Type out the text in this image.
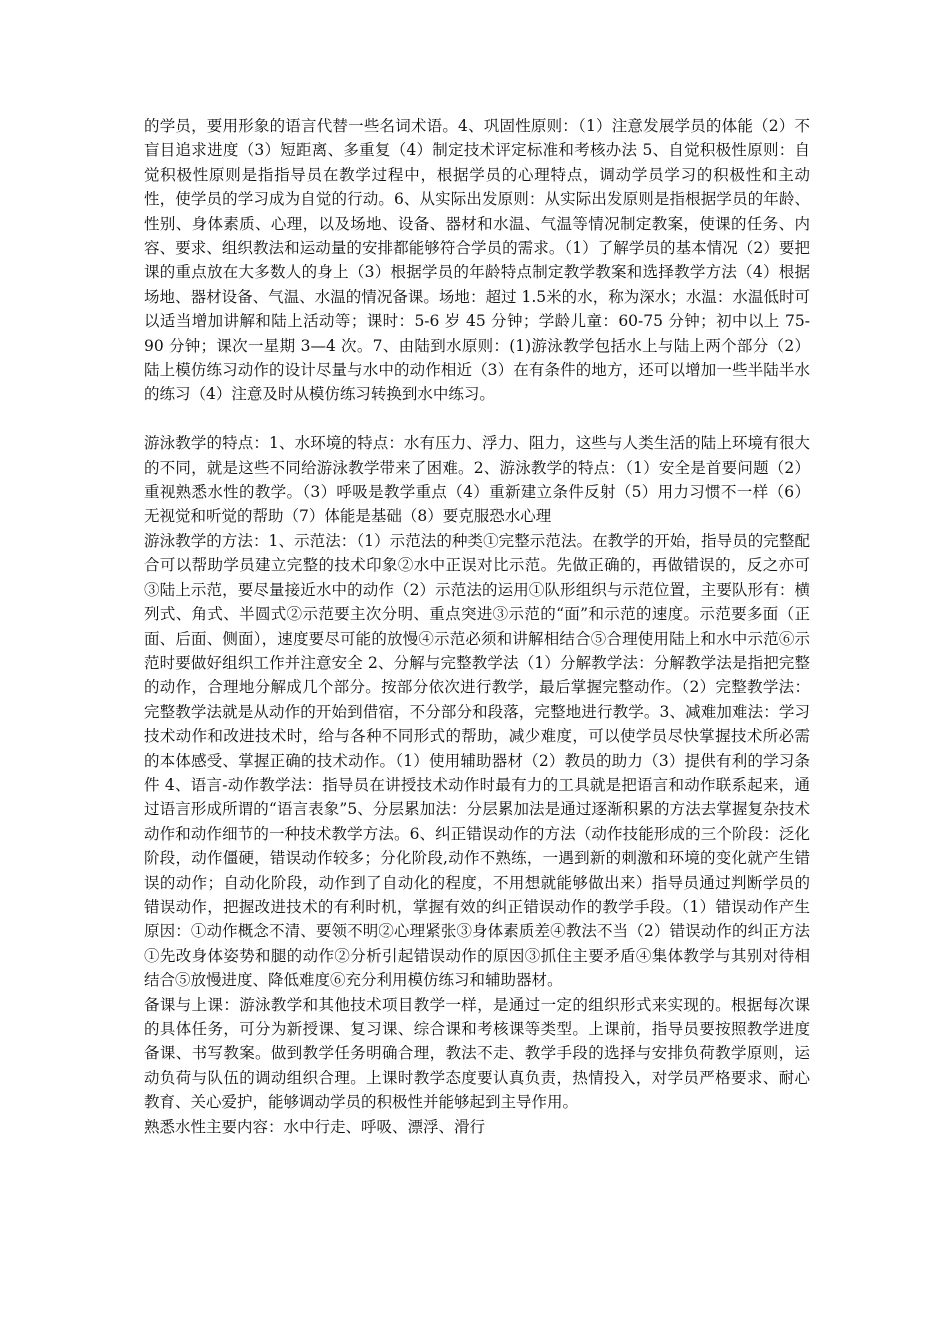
的学员，要用形象的语言代替一些名词术语。4、巩固性原则：（1）注意发展学员的体能（2）不盲目追求进度（3）短距离、多重复（4）制定技术评定标准和考核办法 5、自觉积极性原则：自觉积极性原则是指指导员在教学过程中，根据学员的心理特点，调动学员学习的积极性和主动性，使学员的学习成为自觉的行动。6、从实际出发原则：从实际出发原则是指根据学员的年龄、性别、身体素质、心理，以及场地、设备、器材和水温、气温等情况制定教案，使课的任务、内容、要求、组织教法和运动量的安排都能够符合学员的需求。（1）了解学员的基本情况（2）要把课的重点放在大多数人的身上（3）根据学员的年龄特点制定教学教案和选择教学方法（4）根据场地、器材设备、气温、水温的情况备课。场地：超过 1.5米的水，称为深水；水温：水温低时可以适当增加讲解和陆上活动等；课时：5-6 岁 45 分钟；学龄儿童：60-75 分钟；初中以上 75-90 分钟；课次一星期 3—4 次。7、由陆到水原则：(1)游泳教学包括水上与陆上两个部分（2）陆上模仿练习动作的设计尽量与水中的动作相近（3）在有条件的地方，还可以增加一些半陆半水的练习（4）注意及时从模仿练习转换到水中练习。

游泳教学的特点：1、水环境的特点：水有压力、浮力、阻力，这些与人类生活的陆上环境有很大的不同，就是这些不同给游泳教学带来了困难。2、游泳教学的特点：（1）安全是首要问题（2）重视熟悉水性的教学。（3）呼吸是教学重点（4）重新建立条件反射（5）用力习惯不一样（6）无视觉和听觉的帮助（7）体能是基础（8）要克服恐水心理

游泳教学的方法：1、示范法：（1）示范法的种类①完整示范法。在教学的开始，指导员的完整配合可以帮助学员建立完整的技术印象②水中正误对比示范。先做正确的，再做错误的，反之亦可③陆上示范，要尽量接近水中的动作（2）示范法的运用①队形组织与示范位置，主要队形有：横列式、角式、半圆式②示范要主次分明、重点突进③示范的“面”和示范的速度。示范要多面（正面、后面、侧面），速度要尽可能的放慢④示范必须和讲解相结合⑤合理使用陆上和水中示范⑥示范时要做好组织工作并注意安全 2、分解与完整教学法（1）分解教学法：分解教学法是指把完整的动作，合理地分解成几个部分。按部分依次进行教学，最后掌握完整动作。（2）完整教学法：完整教学法就是从动作的开始到借宿，不分部分和段落，完整地进行教学。3、减难加难法：学习技术动作和改进技术时，给与各种不同形式的帮助，减少难度，可以使学员尽快掌握技术所必需的本体感受、掌握正确的技术动作。（1）使用辅助器材（2）教员的助力（3）提供有利的学习条件 4、语言-动作教学法：指导员在讲授技术动作时最有力的工具就是把语言和动作联系起来，通过语言形成所谓的“语言表象”5、分层累加法：分层累加法是通过逐渐积累的方法去掌握复杂技术动作和动作细节的一种技术教学方法。6、纠正错误动作的方法（动作技能形成的三个阶段：泛化阶段，动作僵硬，错误动作较多；分化阶段,动作不熟练，一遇到新的刺激和环境的变化就产生错误的动作；自动化阶段，动作到了自动化的程度，不用想就能够做出来）指导员通过判断学员的错误动作，把握改进技术的有利时机，掌握有效的纠正错误动作的教学手段。（1）错误动作产生原因：①动作概念不清、要领不明②心理紧张③身体素质差④教法不当（2）错误动作的纠正方法①先改身体姿势和腿的动作②分析引起错误动作的原因③抓住主要矛盾④集体教学与其别对待相结合⑤放慢进度、降低难度⑥充分利用模仿练习和辅助器材。

备课与上课：游泳教学和其他技术项目教学一样，是通过一定的组织形式来实现的。根据每次课的具体任务，可分为新授课、复习课、综合课和考核课等类型。上课前，指导员要按照教学进度备课、书写教案。做到教学任务明确合理，教法不走、教学手段的选择与安排负荷教学原则，运动负荷与队伍的调动组织合理。上课时教学态度要认真负责，热情投入，对学员严格要求、耐心教育、关心爱护，能够调动学员的积极性并能够起到主导作用。

熟悉水性主要内容：水中行走、呼吸、漂浮、滑行
